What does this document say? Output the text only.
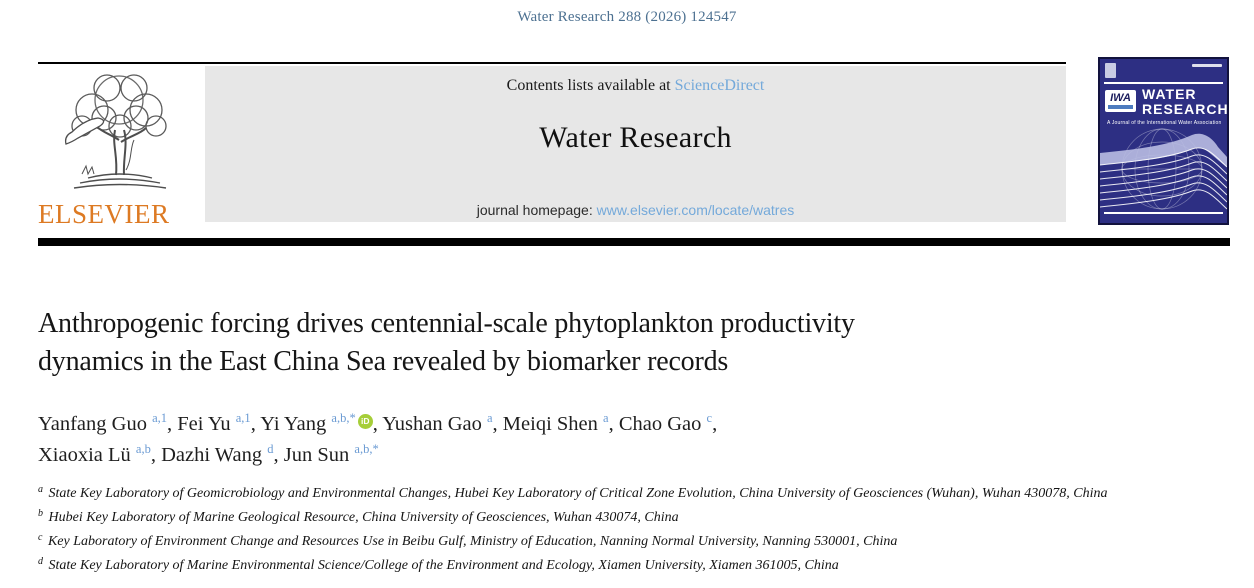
Water Research 288 (2026) 124547
ELSEVIER
Contents lists available at ScienceDirect
Water Research
journal homepage: www.elsevier.com/locate/watres
IWA WATER
RESEARCH
A Journal of the International Water Association
Anthropogenic forcing drives centennial-scale phytoplankton productivity
dynamics in the East China Sea revealed by biomarker records
Yanfang Guo $^{a,1}$, Fei Yu $^{a,1}$, Yi Yang $^{a,b,*}$ iD , Yushan Gao $^a$, Meiqi Shen $^a$, Chao Gao $^c$,
Xiaoxia Lü $^{a,b}$, Dazhi Wang $^d$, Jun Sun $^{a,b,*}$
$^a$ State Key Laboratory of Geomicrobiology and Environmental Changes, Hubei Key Laboratory of Critical Zone Evolution, China University of Geosciences (Wuhan), Wuhan 430078, China
$^b$ Hubei Key Laboratory of Marine Geological Resource, China University of Geosciences, Wuhan 430074, China
$^c$ Key Laboratory of Environment Change and Resources Use in Beibu Gulf, Ministry of Education, Nanning Normal University, Nanning 530001, China
$^d$ State Key Laboratory of Marine Environmental Science/College of the Environment and Ecology, Xiamen University, Xiamen 361005, China
